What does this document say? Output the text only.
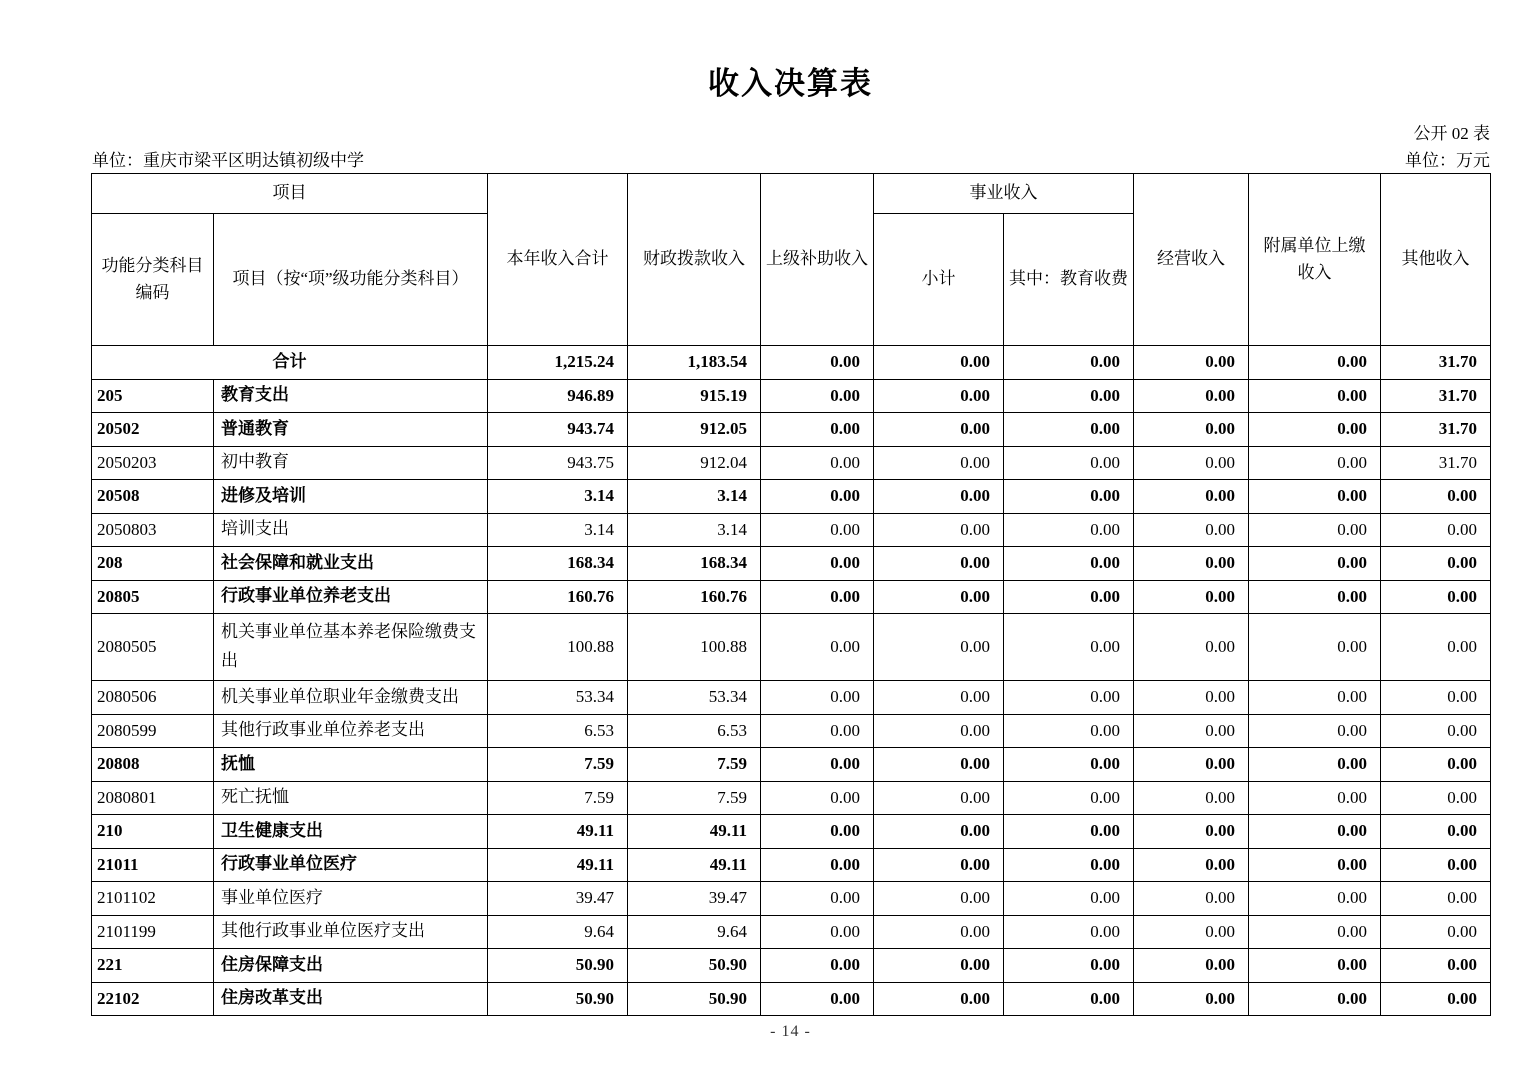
收入决算表
公开 02 表
单位：重庆市梁平区明达镇初级中学	单位：万元
项目		本年收入合计	财政拨款收入	上级补助收入	事业收入		经营收入	附属单位上缴收入	其他收入
功能分类科目编码	项目（按“项”级功能分类科目）				小计	其中：教育收费			
合计		1,215.24	1,183.54	0.00	0.00	0.00	0.00	0.00	31.70
205	教育支出	946.89	915.19	0.00	0.00	0.00	0.00	0.00	31.70
20502	普通教育	943.74	912.05	0.00	0.00	0.00	0.00	0.00	31.70
2050203	初中教育	943.75	912.04	0.00	0.00	0.00	0.00	0.00	31.70
20508	进修及培训	3.14	3.14	0.00	0.00	0.00	0.00	0.00	0.00
2050803	培训支出	3.14	3.14	0.00	0.00	0.00	0.00	0.00	0.00
208	社会保障和就业支出	168.34	168.34	0.00	0.00	0.00	0.00	0.00	0.00
20805	行政事业单位养老支出	160.76	160.76	0.00	0.00	0.00	0.00	0.00	0.00
2080505	机关事业单位基本养老保险缴费支出	100.88	100.88	0.00	0.00	0.00	0.00	0.00	0.00
2080506	机关事业单位职业年金缴费支出	53.34	53.34	0.00	0.00	0.00	0.00	0.00	0.00
2080599	其他行政事业单位养老支出	6.53	6.53	0.00	0.00	0.00	0.00	0.00	0.00
20808	抚恤	7.59	7.59	0.00	0.00	0.00	0.00	0.00	0.00
2080801	死亡抚恤	7.59	7.59	0.00	0.00	0.00	0.00	0.00	0.00
210	卫生健康支出	49.11	49.11	0.00	0.00	0.00	0.00	0.00	0.00
21011	行政事业单位医疗	49.11	49.11	0.00	0.00	0.00	0.00	0.00	0.00
2101102	事业单位医疗	39.47	39.47	0.00	0.00	0.00	0.00	0.00	0.00
2101199	其他行政事业单位医疗支出	9.64	9.64	0.00	0.00	0.00	0.00	0.00	0.00
221	住房保障支出	50.90	50.90	0.00	0.00	0.00	0.00	0.00	0.00
22102	住房改革支出	50.90	50.90	0.00	0.00	0.00	0.00	0.00	0.00
- 14 -
